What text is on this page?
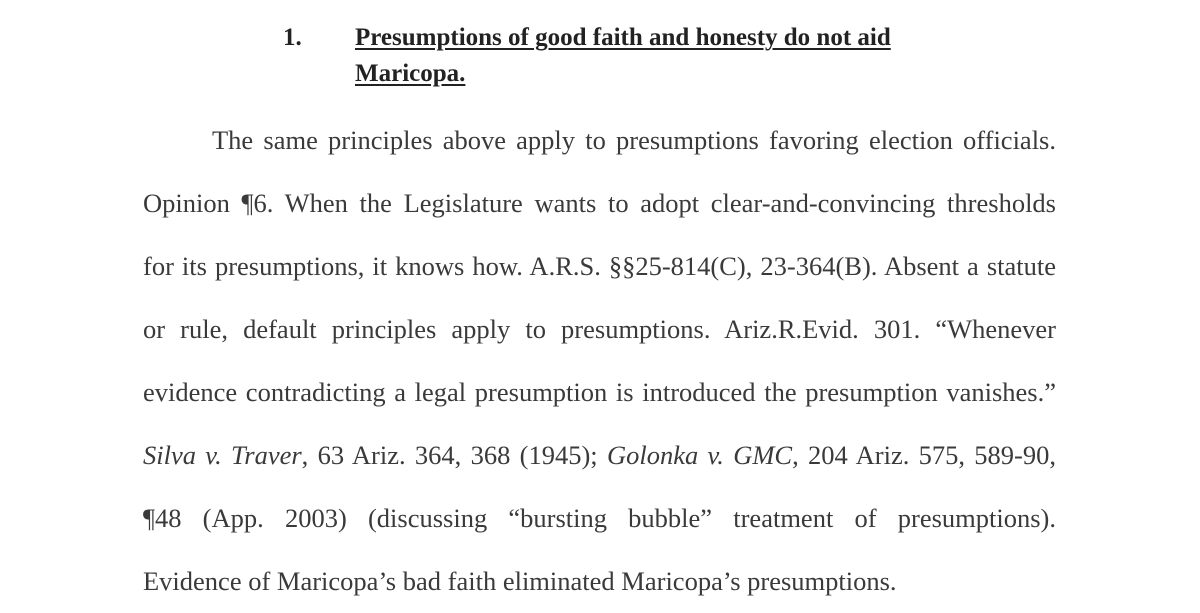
1. Presumptions of good faith and honesty do not aid
Maricopa.
The same principles above apply to presumptions favoring election officials.
Opinion ¶6. When the Legislature wants to adopt clear-and-convincing thresholds
for its presumptions, it knows how. A.R.S. §§25-814(C), 23-364(B). Absent a statute
or rule, default principles apply to presumptions. Ariz.R.Evid. 301. “Whenever
evidence contradicting a legal presumption is introduced the presumption vanishes.”
Silva v. Traver, 63 Ariz. 364, 368 (1945); Golonka v. GMC, 204 Ariz. 575, 589-90,
¶48 (App. 2003) (discussing “bursting bubble” treatment of presumptions).
Evidence of Maricopa’s bad faith eliminated Maricopa’s presumptions.
